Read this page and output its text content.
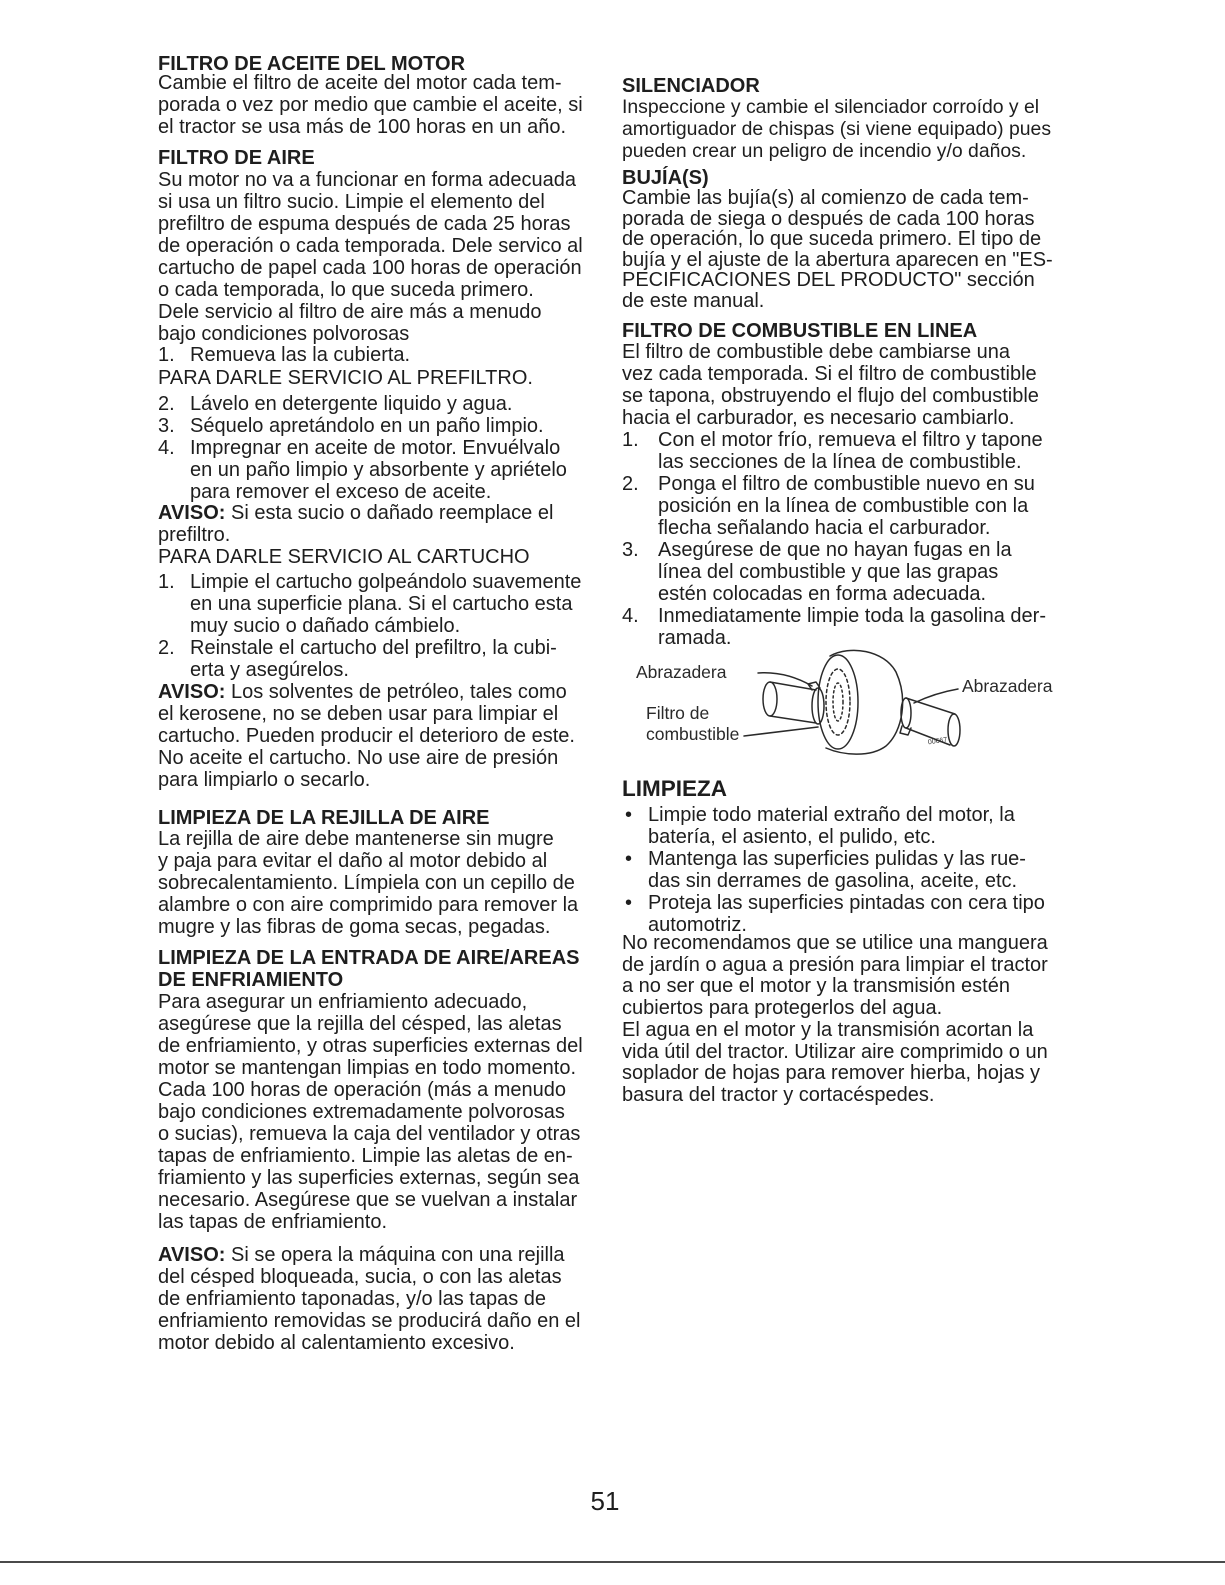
FILTRO DE ACEITE DEL MOTOR
Cambie el filtro de aceite del motor cada tem-
porada o vez por medio que cambie el aceite, si
el tractor se usa más de 100 horas en un año.
FILTRO DE AIRE
Su motor no va a funcionar en forma adecuada
si usa un filtro sucio. Limpie el elemento del
prefiltro de espuma después de cada 25 horas
de operación o cada temporada. Dele servico al
cartucho de papel cada 100 horas de operación
o cada temporada, lo que suceda primero.
Dele servicio al filtro de aire más a menudo
bajo condiciones polvorosas
1. Remueva las la cubierta.
PARA DARLE SERVICIO AL PREFILTRO.
2. Lávelo en detergente liquido y agua.
3. Séquelo apretándolo en un paño limpio.
4. Impregnar en aceite de motor. Envuélvalo
en un paño limpio y absorbente y apriételo
para remover el exceso de aceite.
AVISO: Si esta sucio o dañado reemplace el
prefiltro.
PARA DARLE SERVICIO AL CARTUCHO
1. Limpie el cartucho golpeándolo suavemente
en una superficie plana. Si el cartucho esta
muy sucio o dañado cámbielo.
2. Reinstale el cartucho del prefiltro, la cubi-
erta y asegúrelos.
AVISO: Los solventes de petróleo, tales como
el kerosene, no se deben usar para limpiar el
cartucho. Pueden producir el deterioro de este.
No aceite el cartucho. No use aire de presión
para limpiarlo o secarlo.
LIMPIEZA DE LA REJILLA DE AIRE
La rejilla de aire debe mantenerse sin mugre
y paja para evitar el daño al motor debido al
sobrecalentamiento. Límpiela con un cepillo de
alambre o con aire comprimido para remover la
mugre y las fibras de goma secas, pegadas.
LIMPIEZA DE LA ENTRADA DE AIRE/AREAS
DE ENFRIAMIENTO
Para asegurar un enfriamiento adecuado,
asegúrese que la rejilla del césped, las aletas
de enfriamiento, y otras superficies externas del
motor se mantengan limpias en todo momento.
Cada 100 horas de operación (más a menudo
bajo condiciones extremadamente polvorosas
o sucias), remueva la caja del ventilador y otras
tapas de enfriamiento. Limpie las aletas de en-
friamiento y las superficies externas, según sea
necesario. Asegúrese que se vuelvan a instalar
las tapas de enfriamiento.
AVISO: Si se opera la máquina con una rejilla
del césped bloqueada, sucia, o con las aletas
de enfriamiento taponadas, y/o las tapas de
enfriamiento removidas se producirá daño en el
motor debido al calentamiento excesivo.
SILENCIADOR
Inspeccione y cambie el silenciador corroído y el
amortiguador de chispas (si viene equipado) pues
pueden crear un peligro de incendio y/o daños.
BUJÍA(S)
Cambie las bujía(s) al comienzo de cada tem-
porada de siega o después de cada 100 horas
de operación, lo que suceda primero. El tipo de
bujía y el ajuste de la abertura aparecen en "ES-
PECIFICACIONES DEL PRODUCTO" sección
de este manual.
FILTRO DE COMBUSTIBLE EN LINEA
El filtro de combustible debe cambiarse una
vez cada temporada. Si el filtro de combustible
se tapona, obstruyendo el flujo del combustible
hacia el carburador, es necesario cambiarlo.
1. Con el motor frío, remueva el filtro y tapone
las secciones de la línea de combustible.
2. Ponga el filtro de combustible nuevo en su
posición en la línea de combustible con la
flecha señalando hacia el carburador.
3. Asegúrese de que no hayan fugas en la
línea del combustible y que las grapas
estén colocadas en forma adecuada.
4. Inmediatamente limpie toda la gasolina der-
ramada.
Abrazadera
Abrazadera
Filtro de
combustible	00667
LIMPIEZA
• Limpie todo material extraño del motor, la
batería, el asiento, el pulido, etc.
• Mantenga las superficies pulidas y las rue-
das sin derrames de gasolina, aceite, etc.
• Proteja las superficies pintadas con cera tipo
automotriz.
No recomendamos que se utilice una manguera
de jardín o agua a presión para limpiar el tractor
a no ser que el motor y la transmisión estén
cubiertos para protegerlos del agua.
El agua en el motor y la transmisión acortan la
vida útil del tractor. Utilizar aire comprimido o un
soplador de hojas para remover hierba, hojas y
basura del tractor y cortacéspedes.
51
